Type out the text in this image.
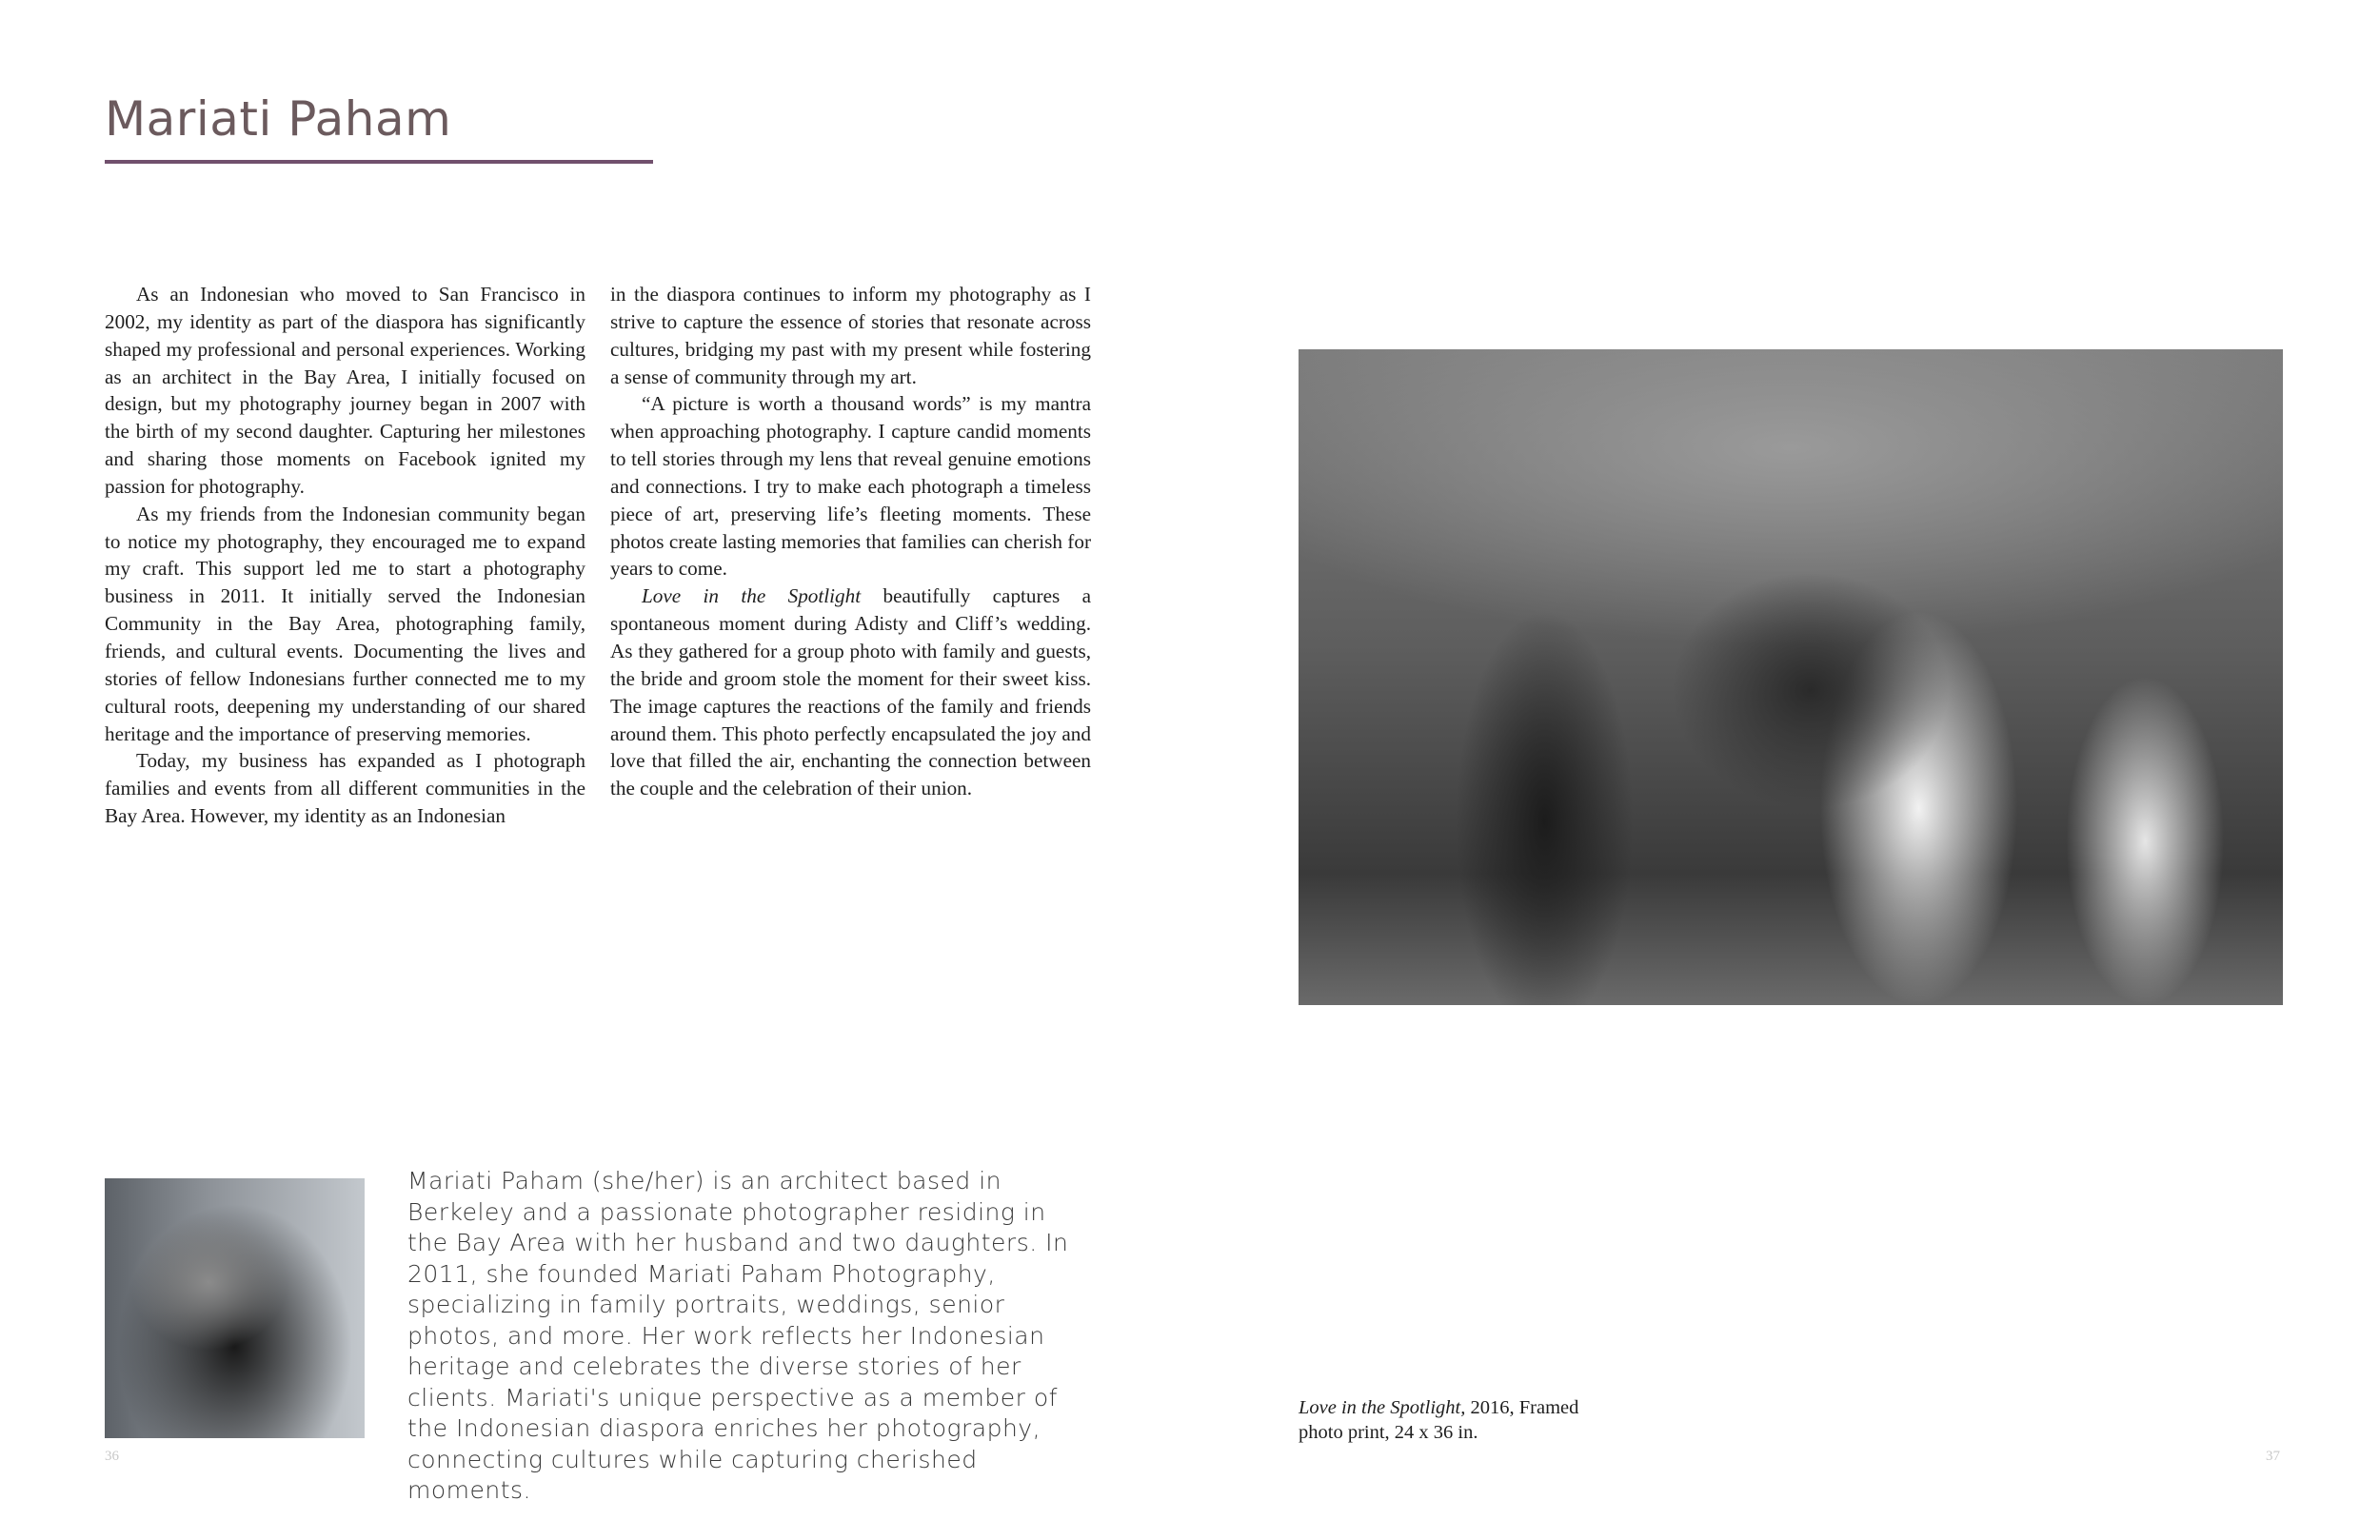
Mariati Paham

As an Indonesian who moved to San Francisco in 2002, my identity as part of the diaspora has significantly shaped my professional and personal experiences. Working as an architect in the Bay Area, I initially focused on design, but my photography journey began in 2007 with the birth of my second daughter. Capturing her milestones and sharing those moments on Facebook ignited my passion for photography.

As my friends from the Indonesian community began to notice my photography, they encouraged me to expand my craft. This support led me to start a photography business in 2011. It initially served the Indonesian Community in the Bay Area, photographing family, friends, and cultural events. Documenting the lives and stories of fellow Indonesians further connected me to my cultural roots, deepening my understanding of our shared heritage and the importance of preserving memories.

Today, my business has expanded as I photograph families and events from all different communities in the Bay Area. However, my identity as an Indonesian

in the diaspora continues to inform my photography as I strive to capture the essence of stories that resonate across cultures, bridging my past with my present while fostering a sense of community through my art.

“A picture is worth a thousand words” is my mantra when approaching photography. I capture candid moments to tell stories through my lens that reveal genuine emotions and connections. I try to make each photograph a timeless piece of art, preserving life’s fleeting moments. These photos create lasting memories that families can cherish for years to come.

Love in the Spotlight beautifully captures a spontaneous moment during Adisty and Cliff’s wedding. As they gathered for a group photo with family and guests, the bride and groom stole the moment for their sweet kiss. The image captures the reactions of the family and friends around them. This photo perfectly encapsulated the joy and love that filled the air, enchanting the connection between the couple and the celebration of their union.

Love in the Spotlight, 2016, Framed
photo print, 24 x 36 in.
Mariati Paham (she/her) is an architect based in Berkeley and a passionate photographer residing in the Bay Area with her husband and two daughters. In 2011, she founded Mariati Paham Photography, specializing in family portraits, weddings, senior photos, and more. Her work reflects her Indonesian heritage and celebrates the diverse stories of her clients. Mariati's unique perspective as a member of the Indonesian diaspora enriches her photography, connecting cultures while capturing cherished moments.
36	37
